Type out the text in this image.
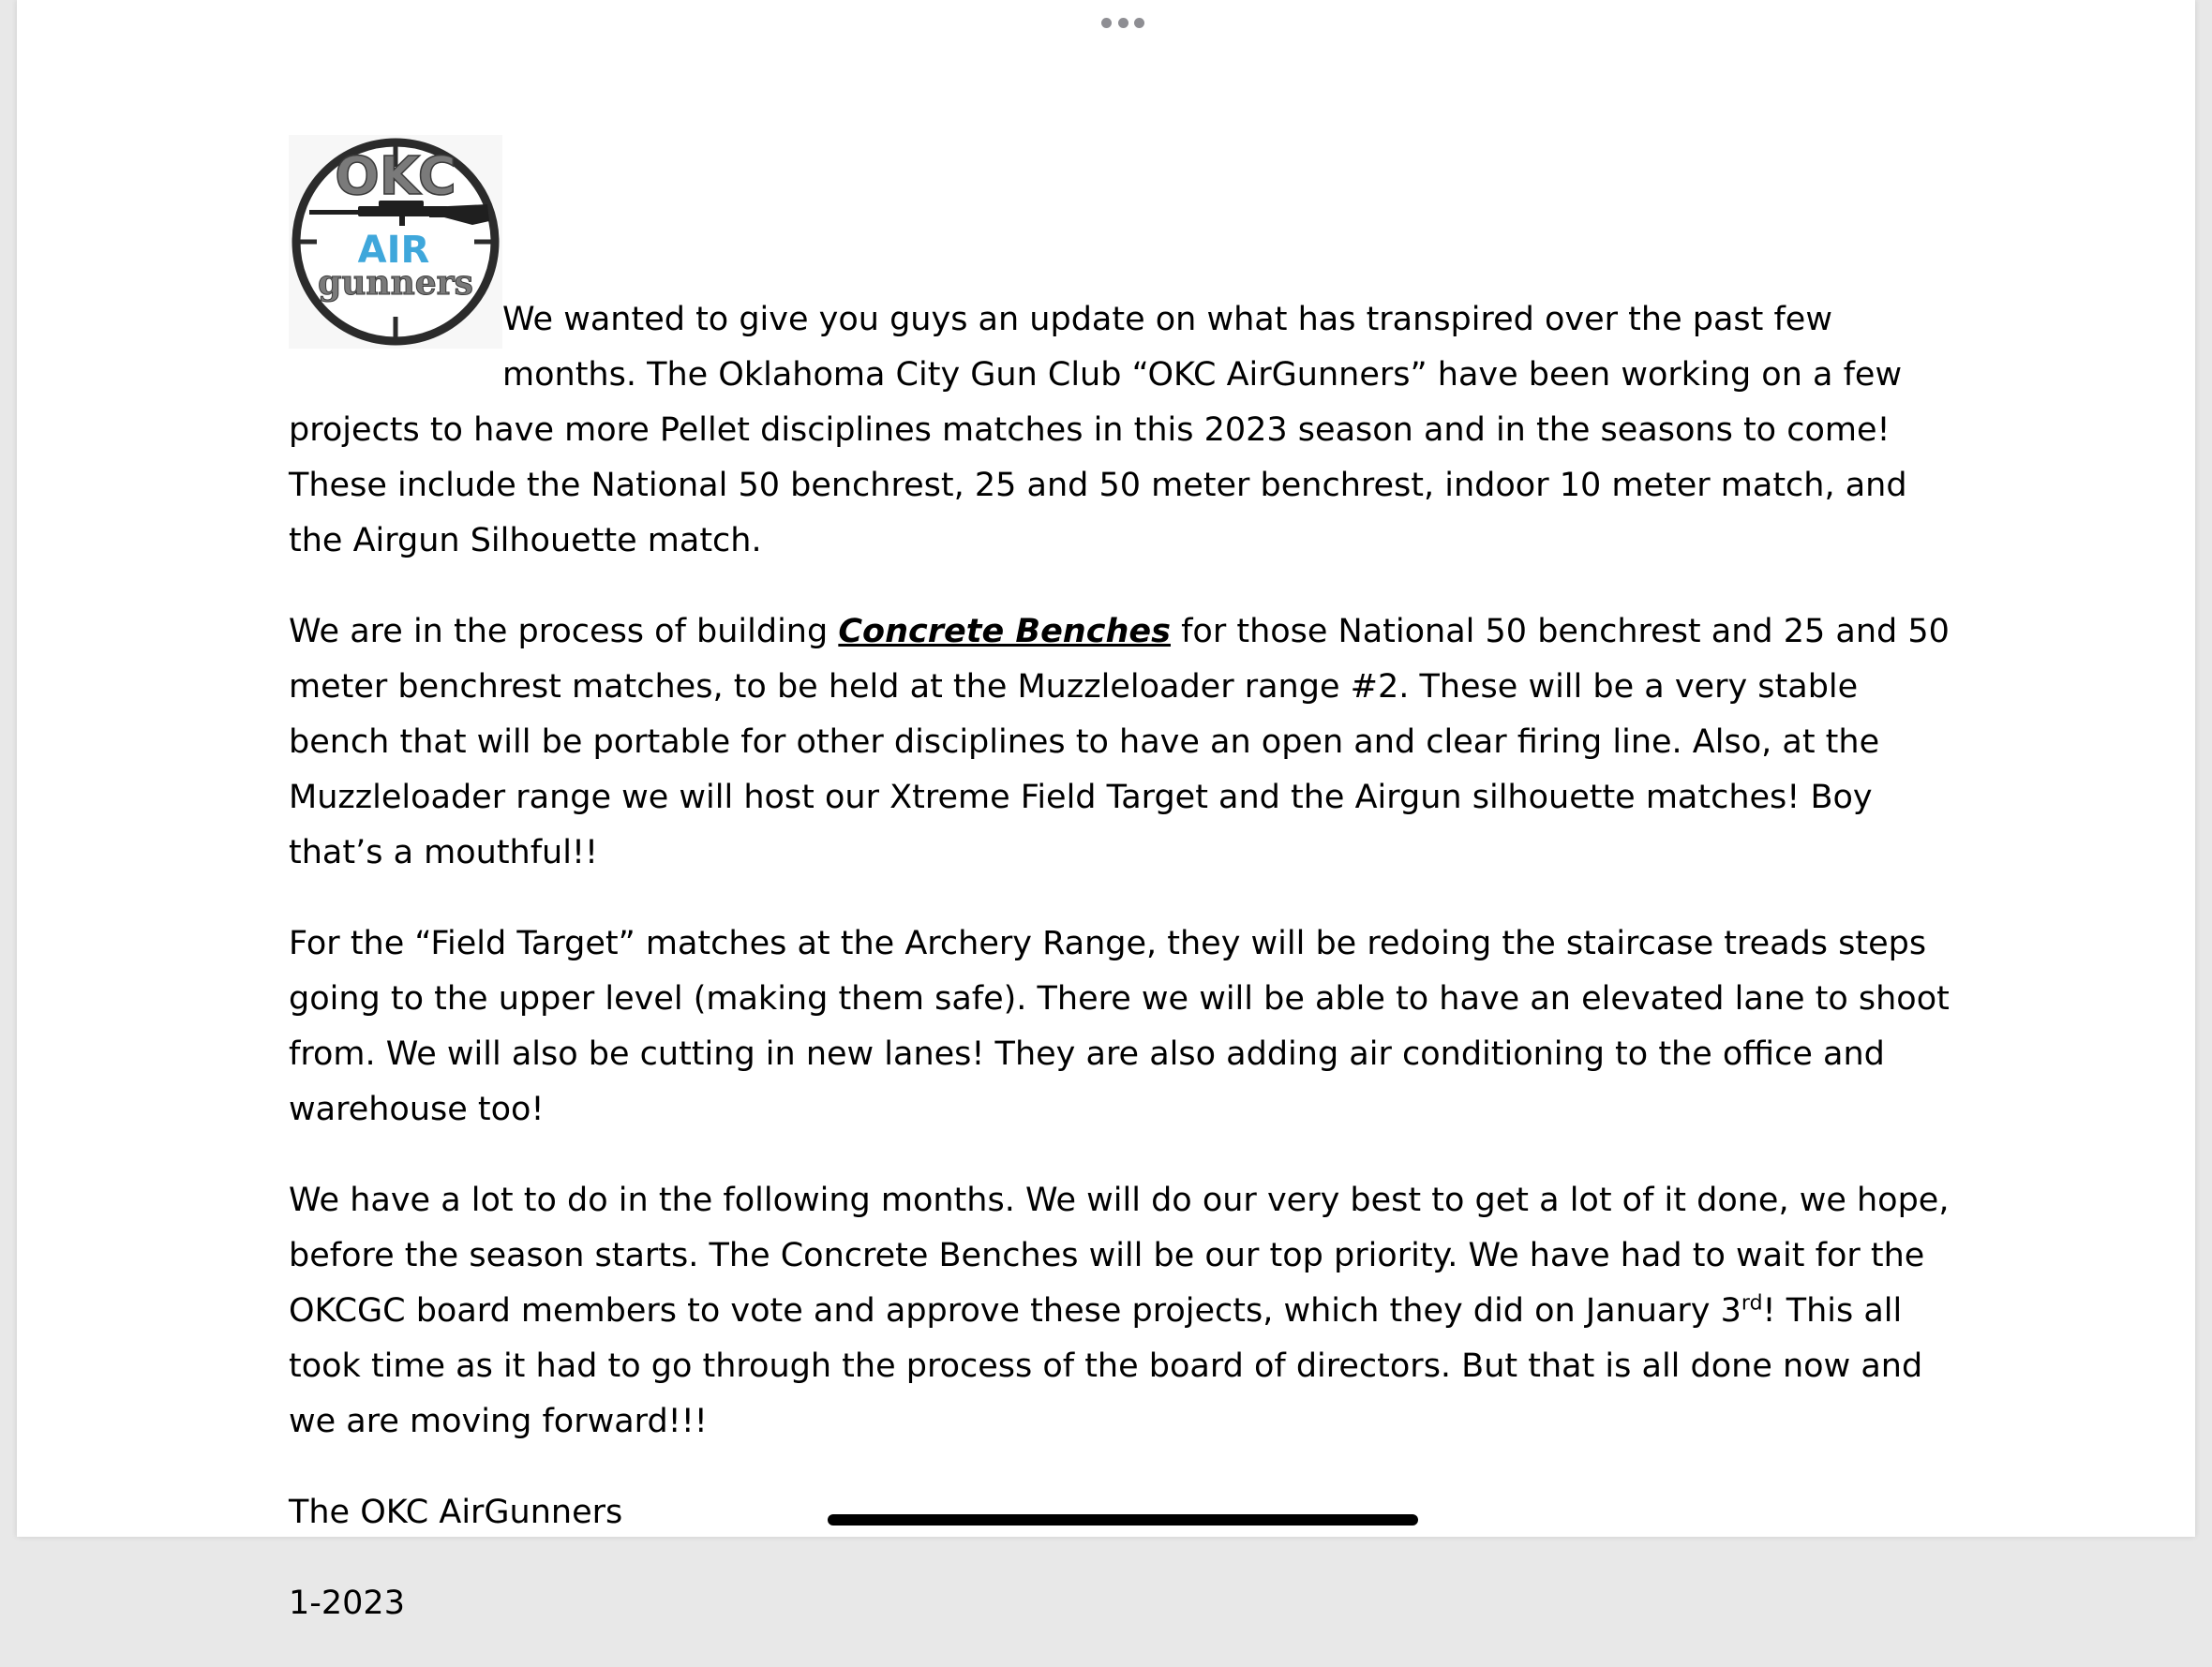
OKC
AIR
gunners

We wanted to give you guys an update on what has transpired over the past few months. The Oklahoma City Gun Club “OKC AirGunners” have been working on a few projects to have more Pellet disciplines matches in this 2023 season and in the seasons to come! These include the National 50 benchrest, 25 and 50 meter benchrest, indoor 10 meter match, and the Airgun Silhouette match.

We are in the process of building Concrete Benches for those National 50 benchrest and 25 and 50 meter benchrest matches, to be held at the Muzzleloader range #2. These will be a very stable bench that will be portable for other disciplines to have an open and clear firing line. Also, at the Muzzleloader range we will host our Xtreme Field Target and the Airgun silhouette matches! Boy that’s a mouthful!!

For the “Field Target” matches at the Archery Range, they will be redoing the staircase treads steps going to the upper level (making them safe). There we will be able to have an elevated lane to shoot from. We will also be cutting in new lanes! They are also adding air conditioning to the office and warehouse too!

We have a lot to do in the following months. We will do our very best to get a lot of it done, we hope, before the season starts. The Concrete Benches will be our top priority. We have had to wait for the OKCGC board members to vote and approve these projects, which they did on January 3rd! This all took time as it had to go through the process of the board of directors. But that is all done now and we are moving forward!!!

The OKC AirGunners

1-2023
